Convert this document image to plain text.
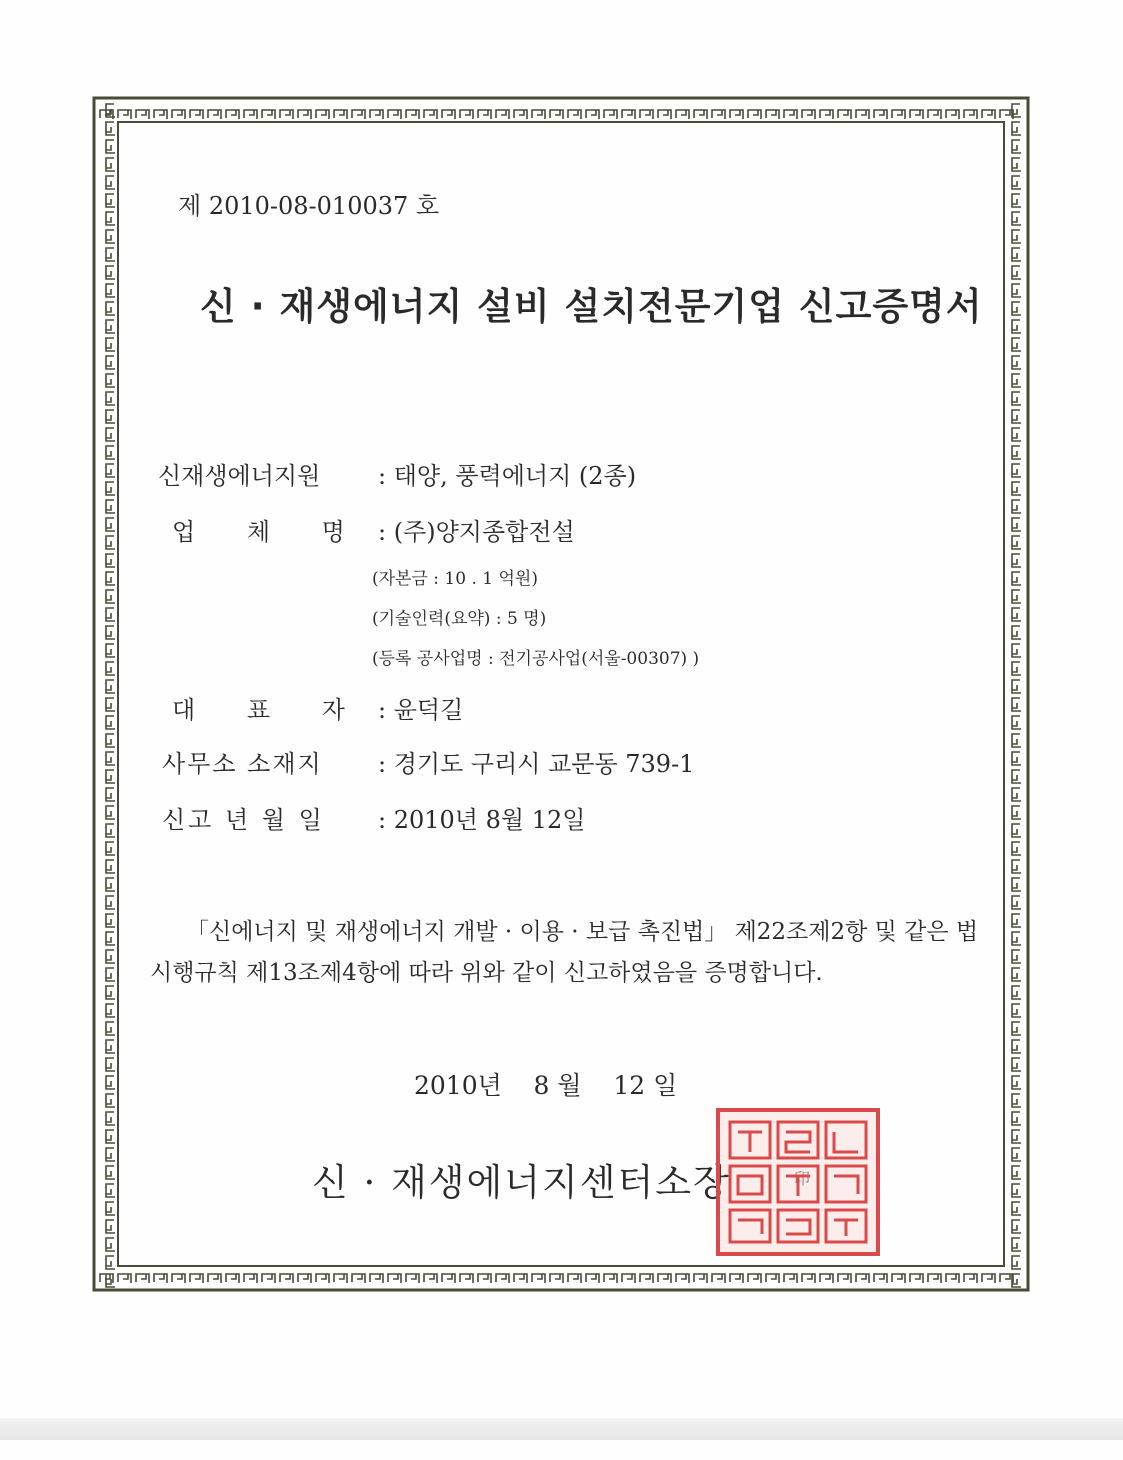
제 2010-08-010037 호
신 · 재생에너지 설비 설치전문기업 신고증명서
신재생에너지원 : 태양, 풍력에너지 (2종)
업 체 명 : (주)양지종합전설
(자본금 : 10 . 1 억원)
(기술인력(요약) : 5 명)
(등록 공사업명 : 전기공사업(서울-00307) )
대 표 자 : 윤덕길
사무소 소재지 : 경기도 구리시 교문동 739-1
신고 년 월 일 : 2010년 8월 12일

「신에너지 및 재생에너지 개발 · 이용 · 보급 촉진법」 제22조제2항 및 같은 법 시행규칙 제13조제4항에 따라 위와 같이 신고하였음을 증명합니다.

2010년    8 월    12 일
신 · 재생에너지센터소장	印
